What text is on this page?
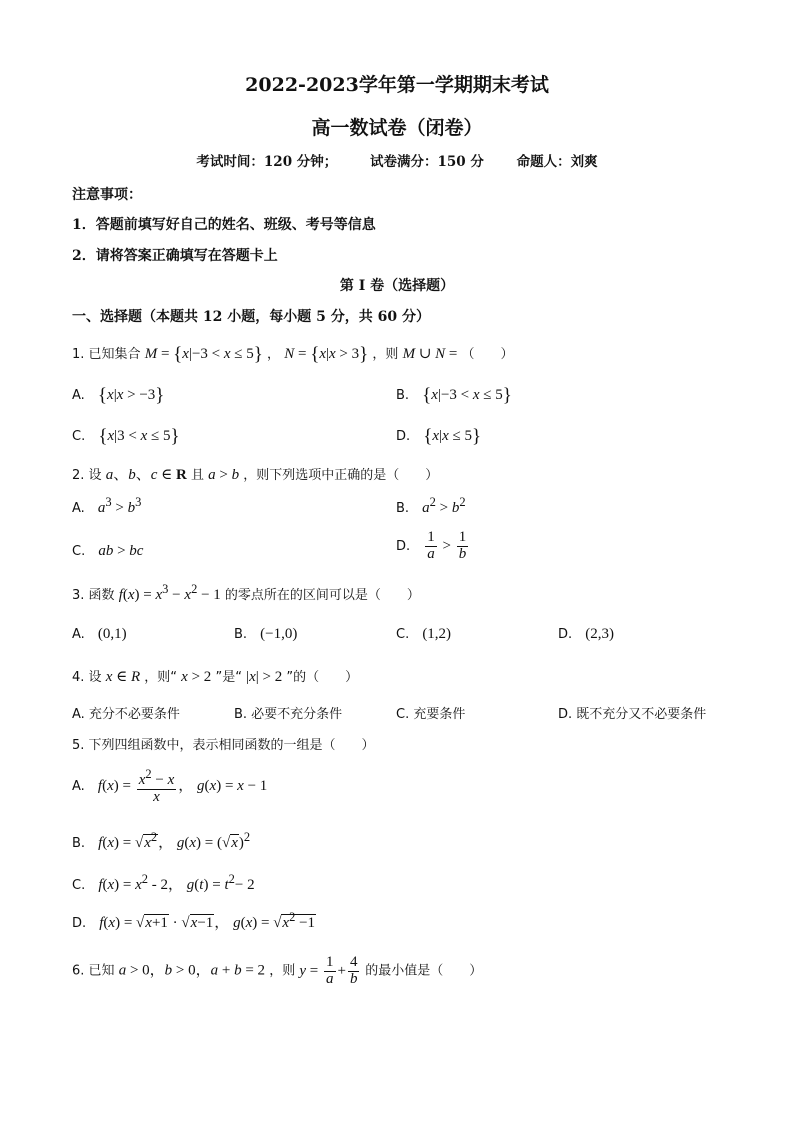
2022-2023学年第一学期期末考试
高一数试卷（闭卷）
考试时间：120 分钟； 试卷满分：150 分 命题人：刘爽
注意事项：
1．答题前填写好自己的姓名、班级、考号等信息
2．请将答案正确填写在答题卡上
第 I 卷（选择题）
一、选择题（本题共 12 小题，每小题 5 分，共 60 分）
1. 已知集合 M = {x|−3 < x ≤ 5} ， N = {x|x > 3} ，则 M ∪ N = （　　）
A. {x|x > −3}	B. {x|−3 < x ≤ 5}
C. {x|3 < x ≤ 5}	D. {x|x ≤ 5}
2. 设 a、b、c ∈ R 且 a > b ，则下列选项中正确的是（　　）
A. $a^3 > b^3$	B. $a^2 > b^2$
C. ab > bc	D. $\frac{1}{a} > \frac{1}{b}$
3. 函数 $f(x) = x^3 - x^2 - 1$ 的零点所在的区间可以是（　　）
A. (0,1)	B. (−1,0)	C. (1,2)	D. (2,3)
4. 设 x ∈ R ，则“ x > 2 ”是“ |x| > 2 ”的（　　）
A. 充分不必要条件	B. 必要不充分条件	C. 充要条件	D. 既不充分又不必要条件
5. 下列四组函数中，表示相同函数的一组是（　　）
A. $f(x) = \frac{x^2 - x}{x}$ ， g(x) = x − 1
B. $f(x) = √x^2$， $g(x) = (√x)^2$
C. $f(x) = x^2 - 2$， $g(t) = t^2- 2$
D. f(x) = √x+1 · √x−1， $g(x) = √x^2 -1$
6. 已知 a > 0，b > 0，a + b = 2 ，则 $y = \frac{1}{a} + \frac{4}{b}$ 的最小值是（　　）
